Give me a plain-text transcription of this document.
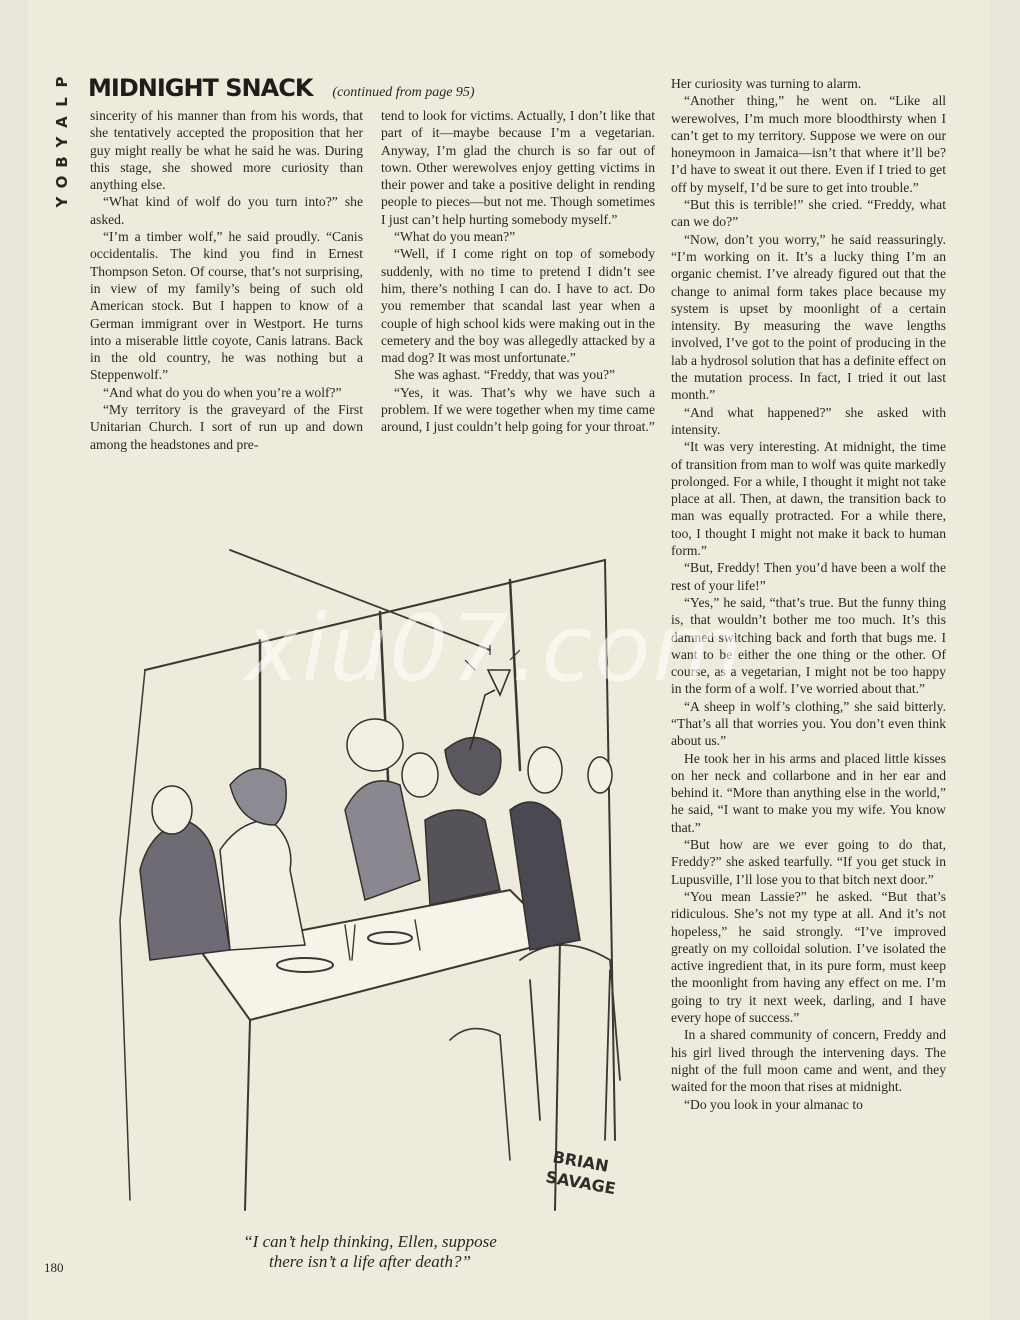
P
L
A
Y
B
O
Y
MIDNIGHT SNACK (continued from page 95)

sincerity of his manner than from his words, that she tentatively accepted the proposition that her guy might really be what he said he was. During this stage, she showed more curiosity than anything else.

“What kind of wolf do you turn into?” she asked.

“I’m a timber wolf,” he said proudly. “Canis occidentalis. The kind you find in Ernest Thompson Seton. Of course, that’s not surprising, in view of my family’s being of such old American stock. But I happen to know of a German immigrant over in Westport. He turns into a miserable little coyote, Canis latrans. Back in the old country, he was nothing but a Steppenwolf.”

“And what do you do when you’re a wolf?”

“My territory is the graveyard of the First Unitarian Church. I sort of run up and down among the headstones and pre-

tend to look for victims. Actually, I don’t like that part of it—maybe because I’m a vegetarian. Anyway, I’m glad the church is so far out of town. Other werewolves enjoy getting victims in their power and take a positive delight in rending people to pieces—but not me. Though sometimes I just can’t help hurting somebody myself.”

“What do you mean?”

“Well, if I come right on top of somebody suddenly, with no time to pretend I didn’t see him, there’s nothing I can do. I have to act. Do you remember that scandal last year when a couple of high school kids were making out in the cemetery and the boy was allegedly attacked by a mad dog? It was most unfortunate.”

She was aghast. “Freddy, that was you?”

“Yes, it was. That’s why we have such a problem. If we were together when my time came around, I just couldn’t help going for your throat.”

Her curiosity was turning to alarm.

“Another thing,” he went on. “Like all werewolves, I’m much more bloodthirsty when I can’t get to my territory. Suppose we were on our honeymoon in Jamaica—isn’t that where it’ll be? I’d have to sweat it out there. Even if I tried to get off by myself, I’d be sure to get into trouble.”

“But this is terrible!” she cried. “Freddy, what can we do?”

“Now, don’t you worry,” he said reassuringly. “I’m working on it. It’s a lucky thing I’m an organic chemist. I’ve already figured out that the change to animal form takes place because my system is upset by moonlight of a certain intensity. By measuring the wave lengths involved, I’ve got to the point of producing in the lab a hydrosol solution that has a definite effect on the mutation process. In fact, I tried it out last month.”

“And what happened?” she asked with intensity.

“It was very interesting. At midnight, the time of transition from man to wolf was quite markedly prolonged. For a while, I thought it might not take place at all. Then, at dawn, the transition back to man was equally protracted. For a while there, too, I thought I might not make it back to human form.”

“But, Freddy! Then you’d have been a wolf the rest of your life!”

“Yes,” he said, “that’s true. But the funny thing is, that wouldn’t bother me too much. It’s this damned switching back and forth that bugs me. I want to be either the one thing or the other. Of course, as a vegetarian, I might not be too happy in the form of a wolf. I’ve worried about that.”

“A sheep in wolf’s clothing,” she said bitterly. “That’s all that worries you. You don’t even think about us.”

He took her in his arms and placed little kisses on her neck and collarbone and in her ear and behind it. “More than anything else in the world,” he said, “I want to make you my wife. You know that.”

“But how are we ever going to do that, Freddy?” she asked tearfully. “If you get stuck in Lupusville, I’ll lose you to that bitch next door.”

“You mean Lassie?” he asked. “But that’s ridiculous. She’s not my type at all. And it’s not hopeless,” he said strongly. “I’ve improved greatly on my colloidal solution. I’ve isolated the active ingredient that, in its pure form, must keep the moonlight from having any effect on me. I’m going to try it next week, darling, and I have every hope of success.”

In a shared community of concern, Freddy and his girl lived through the intervening days. The night of the full moon came and went, and they waited for the moon that rises at midnight.

“Do you look in your almanac to

BRIAN
SAVAGE
“I can’t help thinking, Ellen, suppose
there isn’t a life after death?”
180
xiu07.com
